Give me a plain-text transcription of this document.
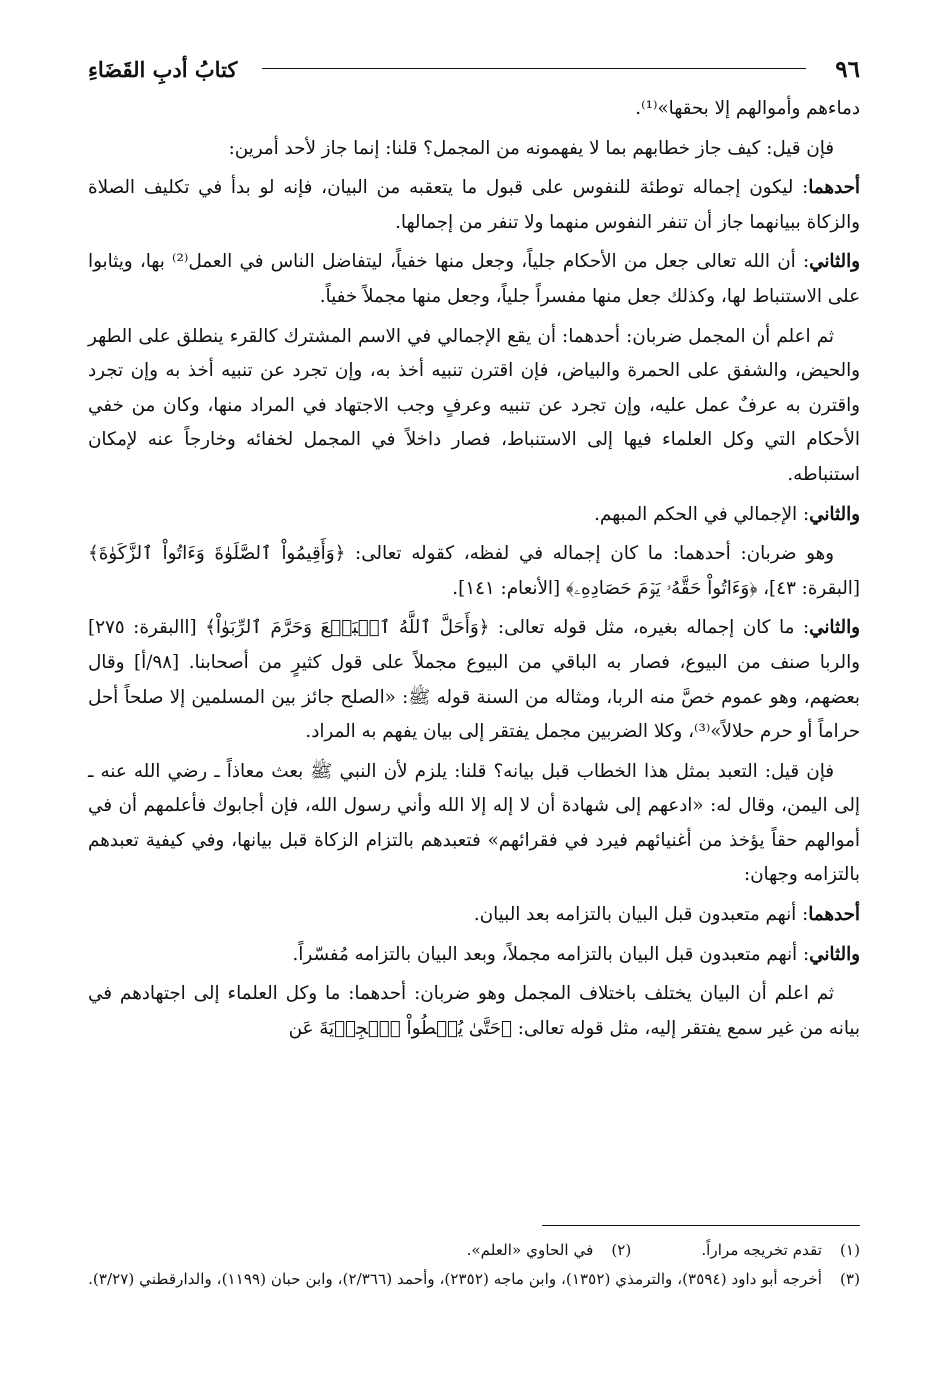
٩٦
كتابُ أدبِ القَضَاءِ

دماءهم وأموالهم إلا بحقها»⁽¹⁾.

فإن قيل: كيف جاز خطابهم بما لا يفهمونه من المجمل؟ قلنا: إنما جاز لأحد أمرين:

أحدهما: ليكون إجماله توطئة للنفوس على قبول ما يتعقبه من البيان، فإنه لو بدأ في تكليف الصلاة والزكاة ببيانهما جاز أن تنفر النفوس منهما ولا تنفر من إجمالها.

والثاني: أن الله تعالى جعل من الأحكام جلياً، وجعل منها خفياً، ليتفاضل الناس في العمل⁽²⁾ بها، ويثابوا على الاستنباط لها، وكذلك جعل منها مفسراً جلياً، وجعل منها مجملاً خفياً.

ثم اعلم أن المجمل ضربان: أحدهما: أن يقع الإجمالي في الاسم المشترك كالقرء ينطلق على الطهر والحيض، والشفق على الحمرة والبياض، فإن اقترن تنبيه أخذ به، وإن تجرد عن تنبيه أخذ به وإن تجرد واقترن به عرفٌ عمل عليه، وإن تجرد عن تنبيه وعرفٍ وجب الاجتهاد في المراد منها، وكان من خفي الأحكام التي وكل العلماء فيها إلى الاستنباط، فصار داخلاً في المجمل لخفائه وخارجاً عنه لإمكان استنباطه.

والثاني: الإجمالي في الحكم المبهم.

وهو ضربان: أحدهما: ما كان إجماله في لفظه، كقوله تعالى: ﴿وَأَقِيمُواْ ٱلصَّلَوٰةَ وَءَاتُواْ ٱلزَّكَوٰةَ﴾ [البقرة: ٤٣]، ﴿وَءَاتُواْ حَقَّهُۥ يَوۡمَ حَصَادِهِۦ﴾ [الأنعام: ١٤١].

والثاني: ما كان إجماله بغيره، مثل قوله تعالى: ﴿وَأَحَلَّ ٱللَّهُ ٱلۡبَيۡعَ وَحَرَّمَ ٱلرِّبَوٰاْ﴾ [االبقرة: ٢٧٥] والربا صنف من البيوع، فصار به الباقي من البيوع مجملاً على قول كثيرٍ من أصحابنا. [٩٨/أ] وقال بعضهم، وهو عموم خصَّ منه الربا، ومثاله من السنة قوله ﷺ: «الصلح جائز بين المسلمين إلا صلحاً أحل حراماً أو حرم حلالاً»⁽³⁾، وكلا الضربين مجمل يفتقر إلى بيان يفهم به المراد.

فإن قيل: التعبد بمثل هذا الخطاب قبل بيانه؟ قلنا: يلزم لأن النبي ﷺ بعث معاذاً ـ رضي الله عنه ـ إلى اليمن، وقال له: «ادعهم إلى شهادة أن لا إله إلا الله وأني رسول الله، فإن أجابوك فأعلمهم أن في أموالهم حقاً يؤخذ من أغنيائهم فيرد في فقرائهم» فتعبدهم بالتزام الزكاة قبل بيانها، وفي كيفية تعبدهم بالتزامه وجهان:

أحدهما: أنهم متعبدون قبل البيان بالتزامه بعد البيان.

والثاني: أنهم متعبدون قبل البيان بالتزامه مجملاً، وبعد البيان بالتزامه مُفسّراً.

ثم اعلم أن البيان يختلف باختلاف المجمل وهو ضربان: أحدهما: ما وكل العلماء إلى اجتهادهم في بيانه من غير سمع يفتقر إليه، مثل قوله تعالى: ﴿حَتَّىٰ يُعۡطُواْ ٱلۡجِزۡيَةَ عَن

(١)
تقدم تخريجه مراراً.
(٢)
في الحاوي «العلم».
(٣)
أخرجه أبو داود (٣٥٩٤)، والترمذي (١٣٥٢)، وابن ماجه (٢٣٥٢)، وأحمد (٢/٣٦٦)، وابن حبان (١١٩٩)، والدارقطني (٣/٢٧).
